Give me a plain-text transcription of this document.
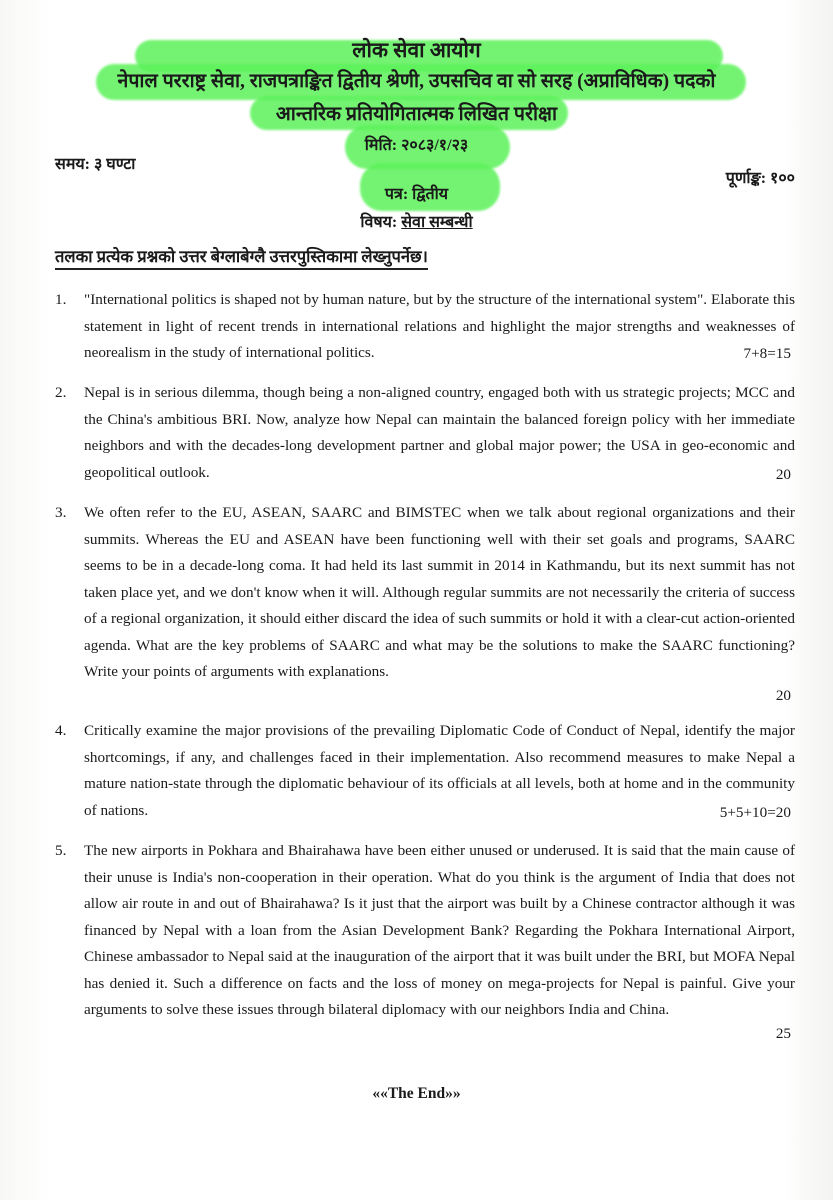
लोक सेवा आयोग
नेपाल परराष्ट्र सेवा, राजपत्राङ्कित द्वितीय श्रेणी, उपसचिव वा सो सरह (अप्राविधिक) पदको
आन्तरिक प्रतियोगितात्मक लिखित परीक्षा
मिति: २०८३/१/२३
समय: ३ घण्टा
पूर्णाङ्क: १००
पत्र: द्वितीय
विषय: सेवा सम्बन्धी
तलका प्रत्येक प्रश्नको उत्तर बेग्लाबेग्लै उत्तरपुस्तिकामा लेख्नुपर्नेछ।
1. "International politics is shaped not by human nature, but by the structure of the international system". Elaborate this statement in light of recent trends in international relations and highlight the major strengths and weaknesses of neorealism in the study of international politics.	7+8=15
2. Nepal is in serious dilemma, though being a non-aligned country, engaged both with us strategic projects; MCC and the China's ambitious BRI. Now, analyze how Nepal can maintain the balanced foreign policy with her immediate neighbors and with the decades-long development partner and global major power; the USA in geo-economic and geopolitical outlook.	20
3. We often refer to the EU, ASEAN, SAARC and BIMSTEC when we talk about regional organizations and their summits. Whereas the EU and ASEAN have been functioning well with their set goals and programs, SAARC seems to be in a decade-long coma. It had held its last summit in 2014 in Kathmandu, but its next summit has not taken place yet, and we don't know when it will. Although regular summits are not necessarily the criteria of success of a regional organization, it should either discard the idea of such summits or hold it with a clear-cut action-oriented agenda. What are the key problems of SAARC and what may be the solutions to make the SAARC functioning? Write your points of arguments with explanations.
20
4. Critically examine the major provisions of the prevailing Diplomatic Code of Conduct of Nepal, identify the major shortcomings, if any, and challenges faced in their implementation. Also recommend measures to make Nepal a mature nation-state through the diplomatic behaviour of its officials at all levels, both at home and in the community of nations.	5+5+10=20
5. The new airports in Pokhara and Bhairahawa have been either unused or underused. It is said that the main cause of their unuse is India's non-cooperation in their operation. What do you think is the argument of India that does not allow air route in and out of Bhairahawa? Is it just that the airport was built by a Chinese contractor although it was financed by Nepal with a loan from the Asian Development Bank? Regarding the Pokhara International Airport, Chinese ambassador to Nepal said at the inauguration of the airport that it was built under the BRI, but MOFA Nepal has denied it. Such a difference on facts and the loss of money on mega-projects for Nepal is painful. Give your arguments to solve these issues through bilateral diplomacy with our neighbors India and China.
25
««The End»»
